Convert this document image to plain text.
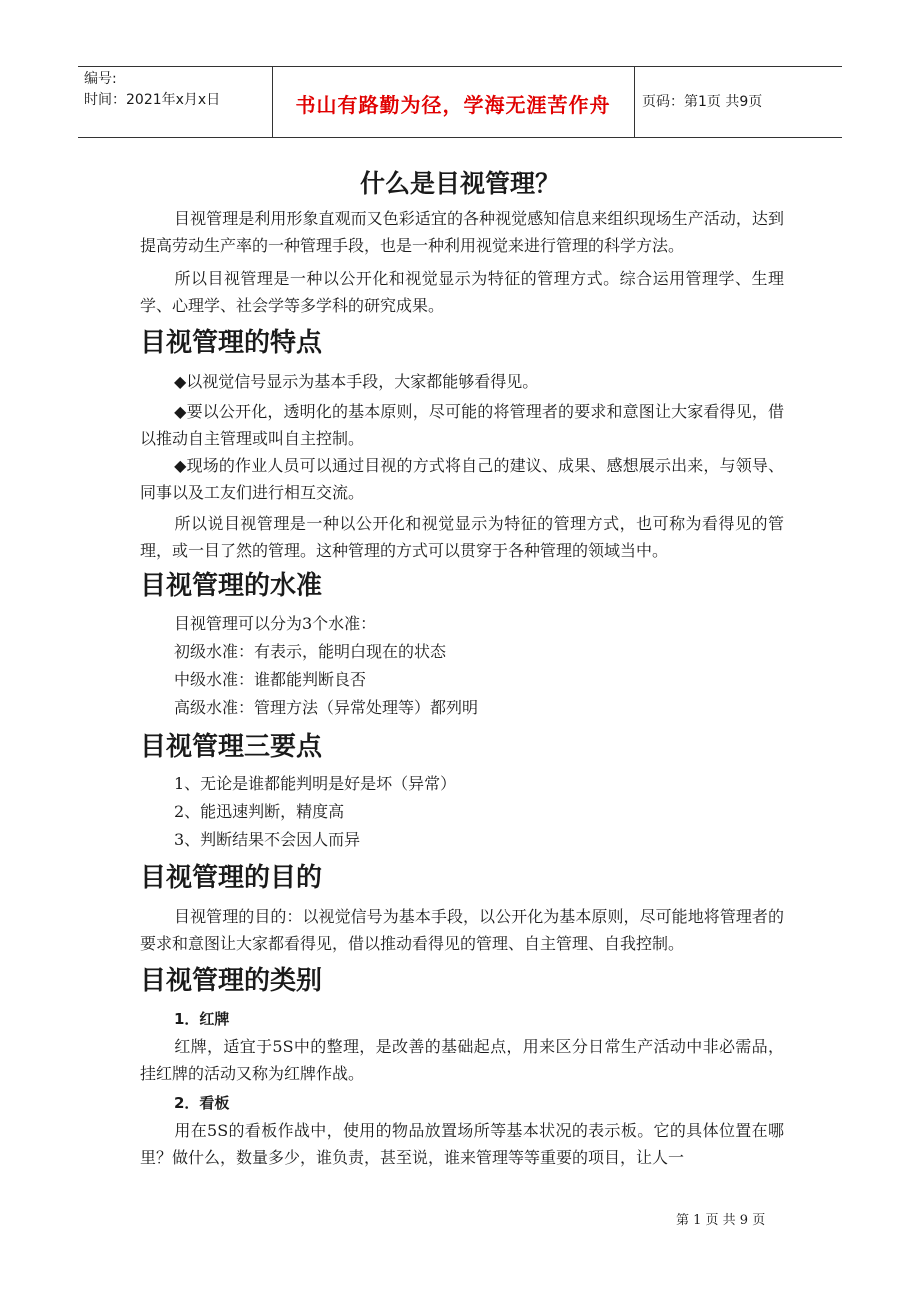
编号:
时间：2021年x月x日	书山有路勤为径，学海无涯苦作舟	页码：第1页 共9页
什么是目视管理？
目视管理是利用形象直观而又色彩适宜的各种视觉感知信息来组织现场生产活动，达到提高劳动生产率的一种管理手段，也是一种利用视觉来进行管理的科学方法。
所以目视管理是一种以公开化和视觉显示为特征的管理方式。综合运用管理学、生理学、心理学、社会学等多学科的研究成果。
目视管理的特点
◆以视觉信号显示为基本手段，大家都能够看得见。
◆要以公开化，透明化的基本原则，尽可能的将管理者的要求和意图让大家看得见，借以推动自主管理或叫自主控制。
◆现场的作业人员可以通过目视的方式将自己的建议、成果、感想展示出来，与领导、同事以及工友们进行相互交流。
所以说目视管理是一种以公开化和视觉显示为特征的管理方式，也可称为看得见的管理，或一目了然的管理。这种管理的方式可以贯穿于各种管理的领域当中。
目视管理的水准
目视管理可以分为3个水准：
初级水准：有表示，能明白现在的状态
中级水准：谁都能判断良否
高级水准：管理方法（异常处理等）都列明
目视管理三要点
1、无论是谁都能判明是好是坏（异常）
2、能迅速判断，精度高
3、判断结果不会因人而异
目视管理的目的
目视管理的目的：以视觉信号为基本手段，以公开化为基本原则，尽可能地将管理者的要求和意图让大家都看得见，借以推动看得见的管理、自主管理、自我控制。
目视管理的类别
1．红牌
红牌，适宜于5S中的整理，是改善的基础起点，用来区分日常生产活动中非必需品，挂红牌的活动又称为红牌作战。
2．看板
用在5S的看板作战中，使用的物品放置场所等基本状况的表示板。它的具体位置在哪里？做什么，数量多少，谁负责，甚至说，谁来管理等等重要的项目，让人一
第 1 页 共 9 页
